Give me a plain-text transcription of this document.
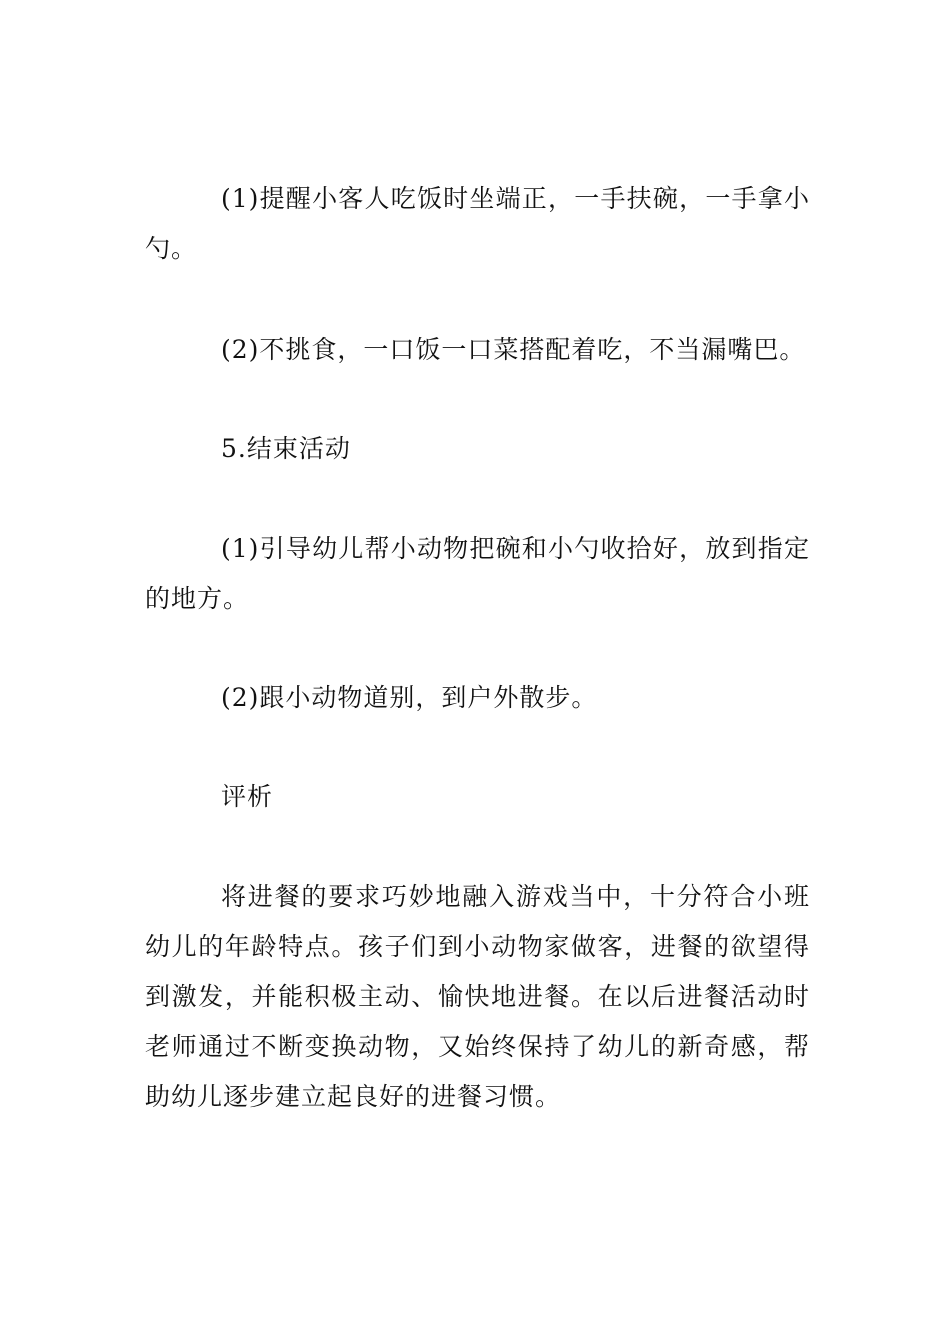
(1)提醒小客人吃饭时坐端正，一手扶碗，一手拿小勺。

(2)不挑食，一口饭一口菜搭配着吃，不当漏嘴巴。

5.结束活动

(1)引导幼儿帮小动物把碗和小勺收拾好，放到指定的地方。

(2)跟小动物道别，到户外散步。

评析

将进餐的要求巧妙地融入游戏当中，十分符合小班幼儿的年龄特点。孩子们到小动物家做客，进餐的欲望得到激发，并能积极主动、愉快地进餐。在以后进餐活动时老师通过不断变换动物，又始终保持了幼儿的新奇感，帮助幼儿逐步建立起良好的进餐习惯。
